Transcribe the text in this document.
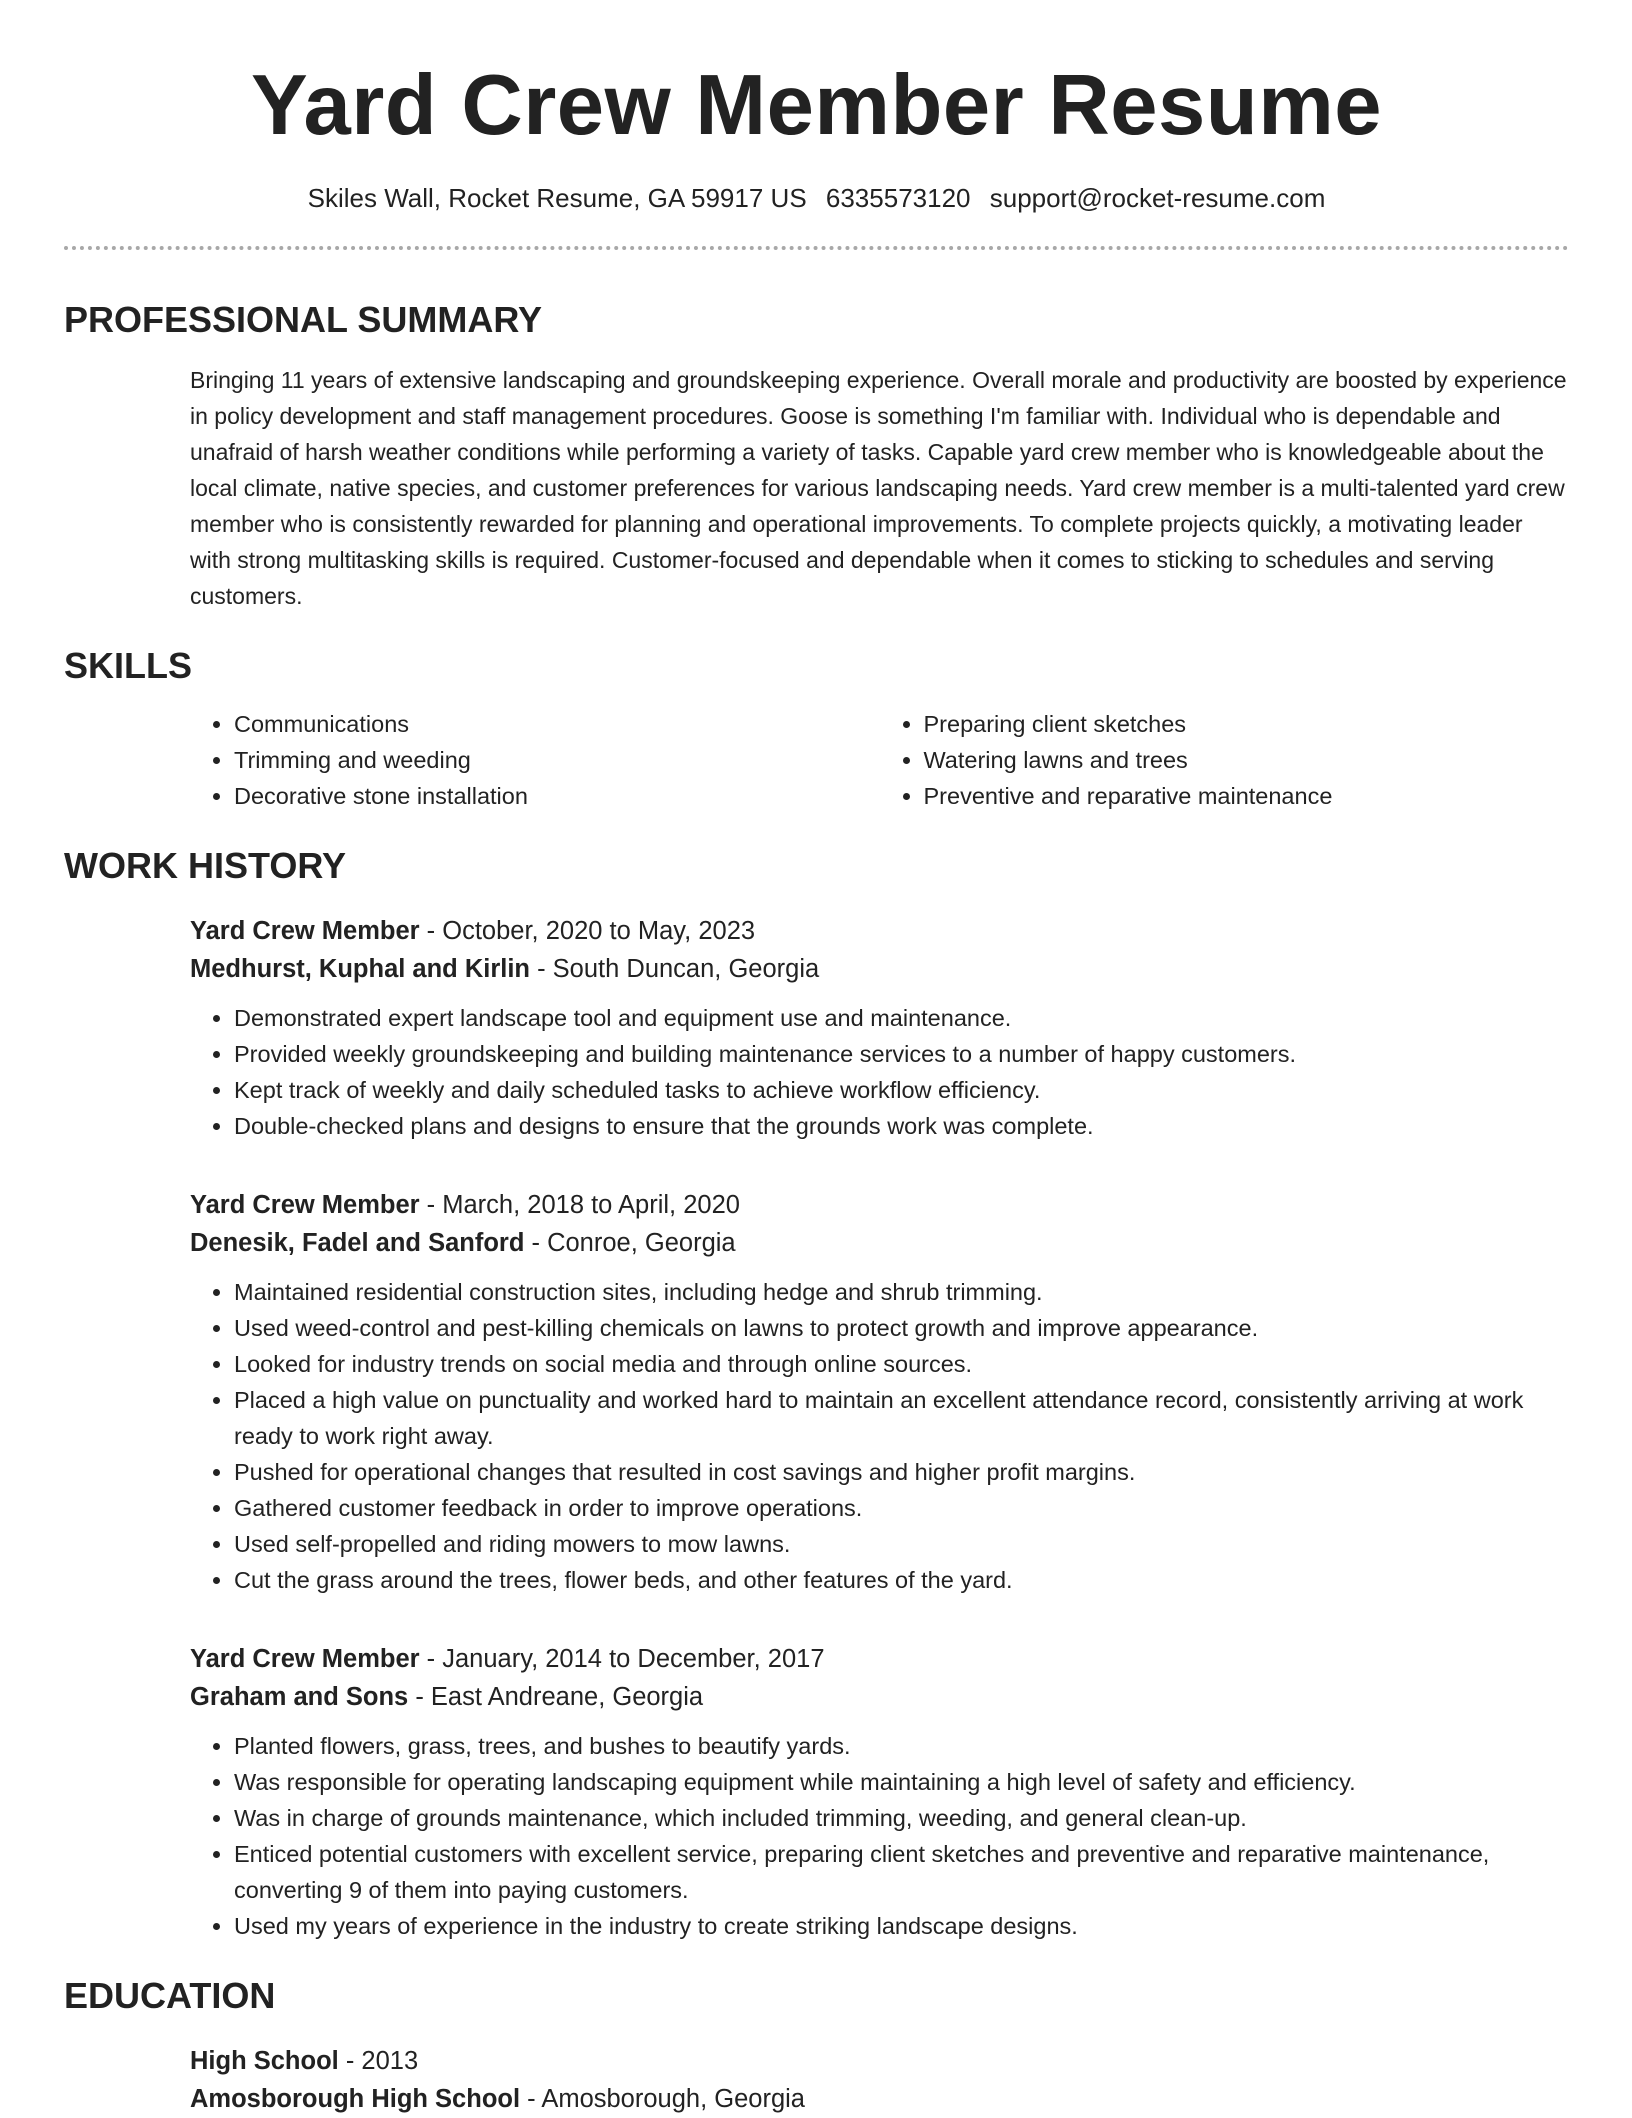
Yard Crew Member Resume
Skiles Wall, Rocket Resume, GA 59917 US 6335573120 support@rocket-resume.com
PROFESSIONAL SUMMARY

Bringing 11 years of extensive landscaping and groundskeeping experience. Overall morale and productivity are boosted by experience in policy development and staff management procedures. Goose is something I'm familiar with. Individual who is dependable and unafraid of harsh weather conditions while performing a variety of tasks. Capable yard crew member who is knowledgeable about the local climate, native species, and customer preferences for various landscaping needs. Yard crew member is a multi-talented yard crew member who is consistently rewarded for planning and operational improvements. To complete projects quickly, a motivating leader with strong multitasking skills is required. Customer-focused and dependable when it comes to sticking to schedules and serving customers.

SKILLS
• Communications
• Trimming and weeding
• Decorative stone installation
• Preparing client sketches
• Watering lawns and trees
• Preventive and reparative maintenance
WORK HISTORY
Yard Crew Member - October, 2020 to May, 2023
Medhurst, Kuphal and Kirlin - South Duncan, Georgia
• Demonstrated expert landscape tool and equipment use and maintenance.
• Provided weekly groundskeeping and building maintenance services to a number of happy customers.
• Kept track of weekly and daily scheduled tasks to achieve workflow efficiency.
• Double-checked plans and designs to ensure that the grounds work was complete.
Yard Crew Member - March, 2018 to April, 2020
Denesik, Fadel and Sanford - Conroe, Georgia
• Maintained residential construction sites, including hedge and shrub trimming.
• Used weed-control and pest-killing chemicals on lawns to protect growth and improve appearance.
• Looked for industry trends on social media and through online sources.
• Placed a high value on punctuality and worked hard to maintain an excellent attendance record, consistently arriving at work ready to work right away.
• Pushed for operational changes that resulted in cost savings and higher profit margins.
• Gathered customer feedback in order to improve operations.
• Used self-propelled and riding mowers to mow lawns.
• Cut the grass around the trees, flower beds, and other features of the yard.
Yard Crew Member - January, 2014 to December, 2017
Graham and Sons - East Andreane, Georgia
• Planted flowers, grass, trees, and bushes to beautify yards.
• Was responsible for operating landscaping equipment while maintaining a high level of safety and efficiency.
• Was in charge of grounds maintenance, which included trimming, weeding, and general clean-up.
• Enticed potential customers with excellent service, preparing client sketches and preventive and reparative maintenance, converting 9 of them into paying customers.
• Used my years of experience in the industry to create striking landscape designs.
EDUCATION
High School - 2013
Amosborough High School - Amosborough, Georgia
